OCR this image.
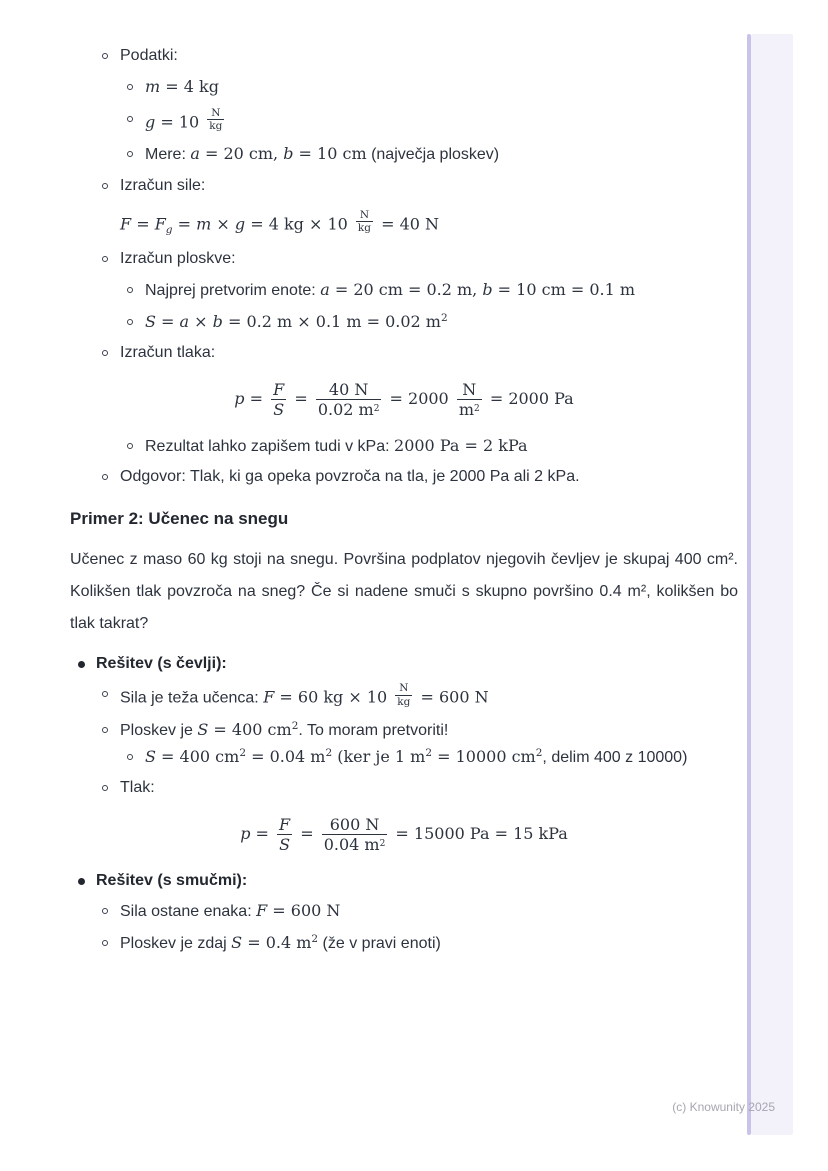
Podatki:
m = 4 kg
$g = 10 \frac{N}{kg}$
Mere: a = 20 cm, b = 10 cm (največja ploskev)
Izračun sile:
$F = F_g = m \times g = 4$ kg × $10 \frac{N}{kg} = 40$ N
Izračun ploskve:
Najprej pretvorim enote: a = 20 cm = 0.2 m, b = 10 cm = 0.1 m
S = a × b = 0.2 m × 0.1 m = 0.02 $m^2$
Izračun tlaka:
$p = \frac{F}{S} = \frac{40 N}{0.02 m^2} = 2000 \frac{N}{m^2} = 2000$ Pa
Rezultat lahko zapišem tudi v kPa: 2000 Pa = 2 kPa
Odgovor: Tlak, ki ga opeka povzroča na tla, je 2000 Pa ali 2 kPa.
Primer 2: Učenec na snegu
Učenec z maso 60 kg stoji na snegu. Površina podplatov njegovih čevljev je skupaj 400 cm². Kolikšen tlak povzroča na sneg? Če si nadene smuči s skupno površino 0.4 m², kolikšen bo tlak takrat?
Rešitev (s čevlji):
Sila je teža učenca: F = 60 kg × $10 \frac{N}{kg} = 600$ N
Ploskev je S = 400 $cm^2$. To moram pretvoriti!
S = 400 $cm^2 = 0.04$ $m^2$ (ker je 1 $m^2 = 10000$ $cm^2$, delim 400 z 10000)
Tlak:
$p = \frac{F}{S} = \frac{600 N}{0.04 m^2} = 15000$ Pa = 15 kPa
Rešitev (s smučmi):
Sila ostane enaka: F = 600 N
Ploskev je zdaj S = 0.4 $m^2$ (že v pravi enoti)
(c) Knowunity 2025
